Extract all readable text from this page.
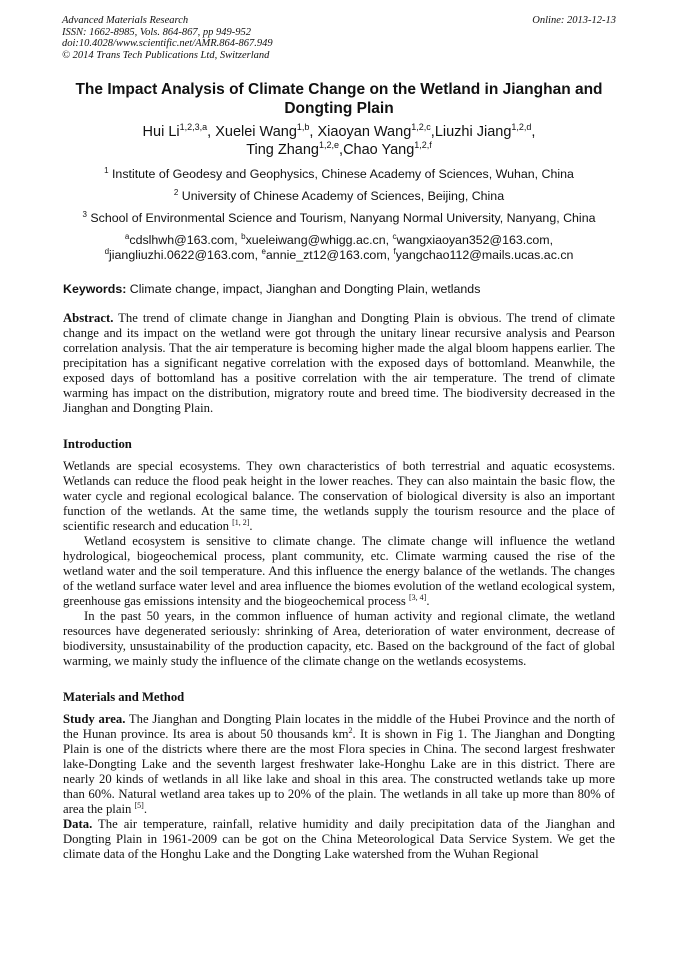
Advanced Materials Research
ISSN: 1662-8985, Vols. 864-867, pp 949-952
doi:10.4028/www.scientific.net/AMR.864-867.949
© 2014 Trans Tech Publications Ltd, Switzerland
Online: 2013-12-13
The Impact Analysis of Climate Change on the Wetland in Jianghan and
Dongting Plain
Hui Li$^{1,2,3,a}$, Xuelei Wang$^{1,b}$, Xiaoyan Wang$^{1,2,c}$,Liuzhi Jiang$^{1,2,d}$,
Ting Zhang$^{1,2,e}$,Chao Yang$^{1,2,f}$
$^1$ Institute of Geodesy and Geophysics, Chinese Academy of Sciences, Wuhan, China
$^2$ University of Chinese Academy of Sciences, Beijing, China
$^3$ School of Environmental Science and Tourism, Nanyang Normal University, Nanyang, China
$^a$cdslhwh@163.com, $^b$xueleiwang@whigg.ac.cn, $^c$wangxiaoyan352@163.com,
$^d$jiangliuzhi.0622@163.com, $^e$annie_zt12@163.com, $^f$yangchao112@mails.ucas.ac.cn
Keywords: Climate change, impact, Jianghan and Dongting Plain, wetlands

Abstract. The trend of climate change in Jianghan and Dongting Plain is obvious. The trend of climate change and its impact on the wetland were got through the unitary linear recursive analysis and Pearson correlation analysis. That the air temperature is becoming higher made the algal bloom happens earlier. The precipitation has a significant negative correlation with the exposed days of bottomland. Meanwhile, the exposed days of bottomland has a positive correlation with the air temperature. The trend of climate warming has impact on the distribution, migratory route and breed time. The biodiversity decreased in the Jianghan and Dongting Plain.

Introduction

Wetlands are special ecosystems. They own characteristics of both terrestrial and aquatic ecosystems. Wetlands can reduce the flood peak height in the lower reaches. They can also maintain the basic flow, the water cycle and regional ecological balance. The conservation of biological diversity is also an important function of the wetlands. At the same time, the wetlands supply the tourism resource and the place of scientific research and education [1, 2].

Wetland ecosystem is sensitive to climate change. The climate change will influence the wetland hydrological, biogeochemical process, plant community, etc. Climate warming caused the rise of the wetland water and the soil temperature. And this influence the energy balance of the wetlands. The changes of the wetland surface water level and area influence the biomes evolution of the wetland ecological system, greenhouse gas emissions intensity and the biogeochemical process [3, 4].

In the past 50 years, in the common influence of human activity and regional climate, the wetland resources have degenerated seriously: shrinking of Area, deterioration of water environment, decrease of biodiversity, unsustainability of the production capacity, etc. Based on the background of the fact of global warming, we mainly study the influence of the climate change on the wetlands ecosystems.

Materials and Method

Study area. The Jianghan and Dongting Plain locates in the middle of the Hubei Province and the north of the Hunan province. Its area is about 50 thousands $km^2$. It is shown in Fig 1. The Jianghan and Dongting Plain is one of the districts where there are the most Flora species in China. The second largest freshwater lake-Dongting Lake and the seventh largest freshwater lake-Honghu Lake are in this district. There are nearly 20 kinds of wetlands in all like lake and shoal in this area. The constructed wetlands take up more than 60%. Natural wetland area takes up to 20% of the plain. The wetlands in all take up more than 80% of area the plain [5].

Data. The air temperature, rainfall, relative humidity and daily precipitation data of the Jianghan and Dongting Plain in 1961-2009 can be got on the China Meteorological Data Service System. We get the climate data of the Honghu Lake and the Dongting Lake watershed from the Wuhan Regional
